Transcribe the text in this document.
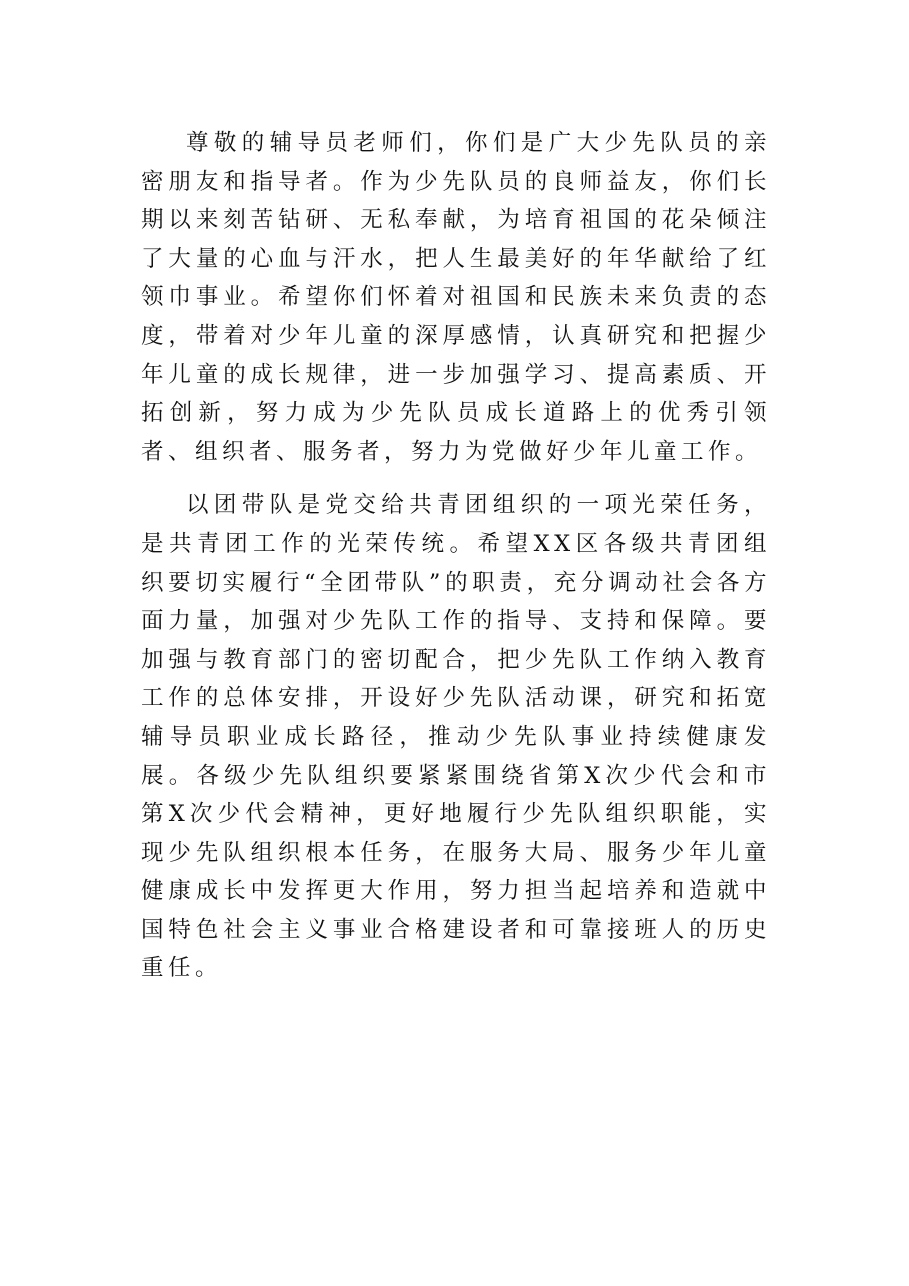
尊敬的辅导员老师们，你们是广大少先队员的亲密朋友和指导者。作为少先队员的良师益友，你们长期以来刻苦钻研、无私奉献，为培育祖国的花朵倾注了大量的心血与汗水，把人生最美好的年华献给了红领巾事业。希望你们怀着对祖国和民族未来负责的态度，带着对少年儿童的深厚感情，认真研究和把握少年儿童的成长规律，进一步加强学习、提高素质、开拓创新，努力成为少先队员成长道路上的优秀引领者、组织者、服务者，努力为党做好少年儿童工作。

以团带队是党交给共青团组织的一项光荣任务，是共青团工作的光荣传统。希望XX区各级共青团组织要切实履行“全团带队”的职责，充分调动社会各方面力量，加强对少先队工作的指导、支持和保障。要加强与教育部门的密切配合，把少先队工作纳入教育工作的总体安排，开设好少先队活动课，研究和拓宽辅导员职业成长路径，推动少先队事业持续健康发展。各级少先队组织要紧紧围绕省第X次少代会和市第X次少代会精神，更好地履行少先队组织职能，实现少先队组织根本任务，在服务大局、服务少年儿童健康成长中发挥更大作用，努力担当起培养和造就中国特色社会主义事业合格建设者和可靠接班人的历史重任。
